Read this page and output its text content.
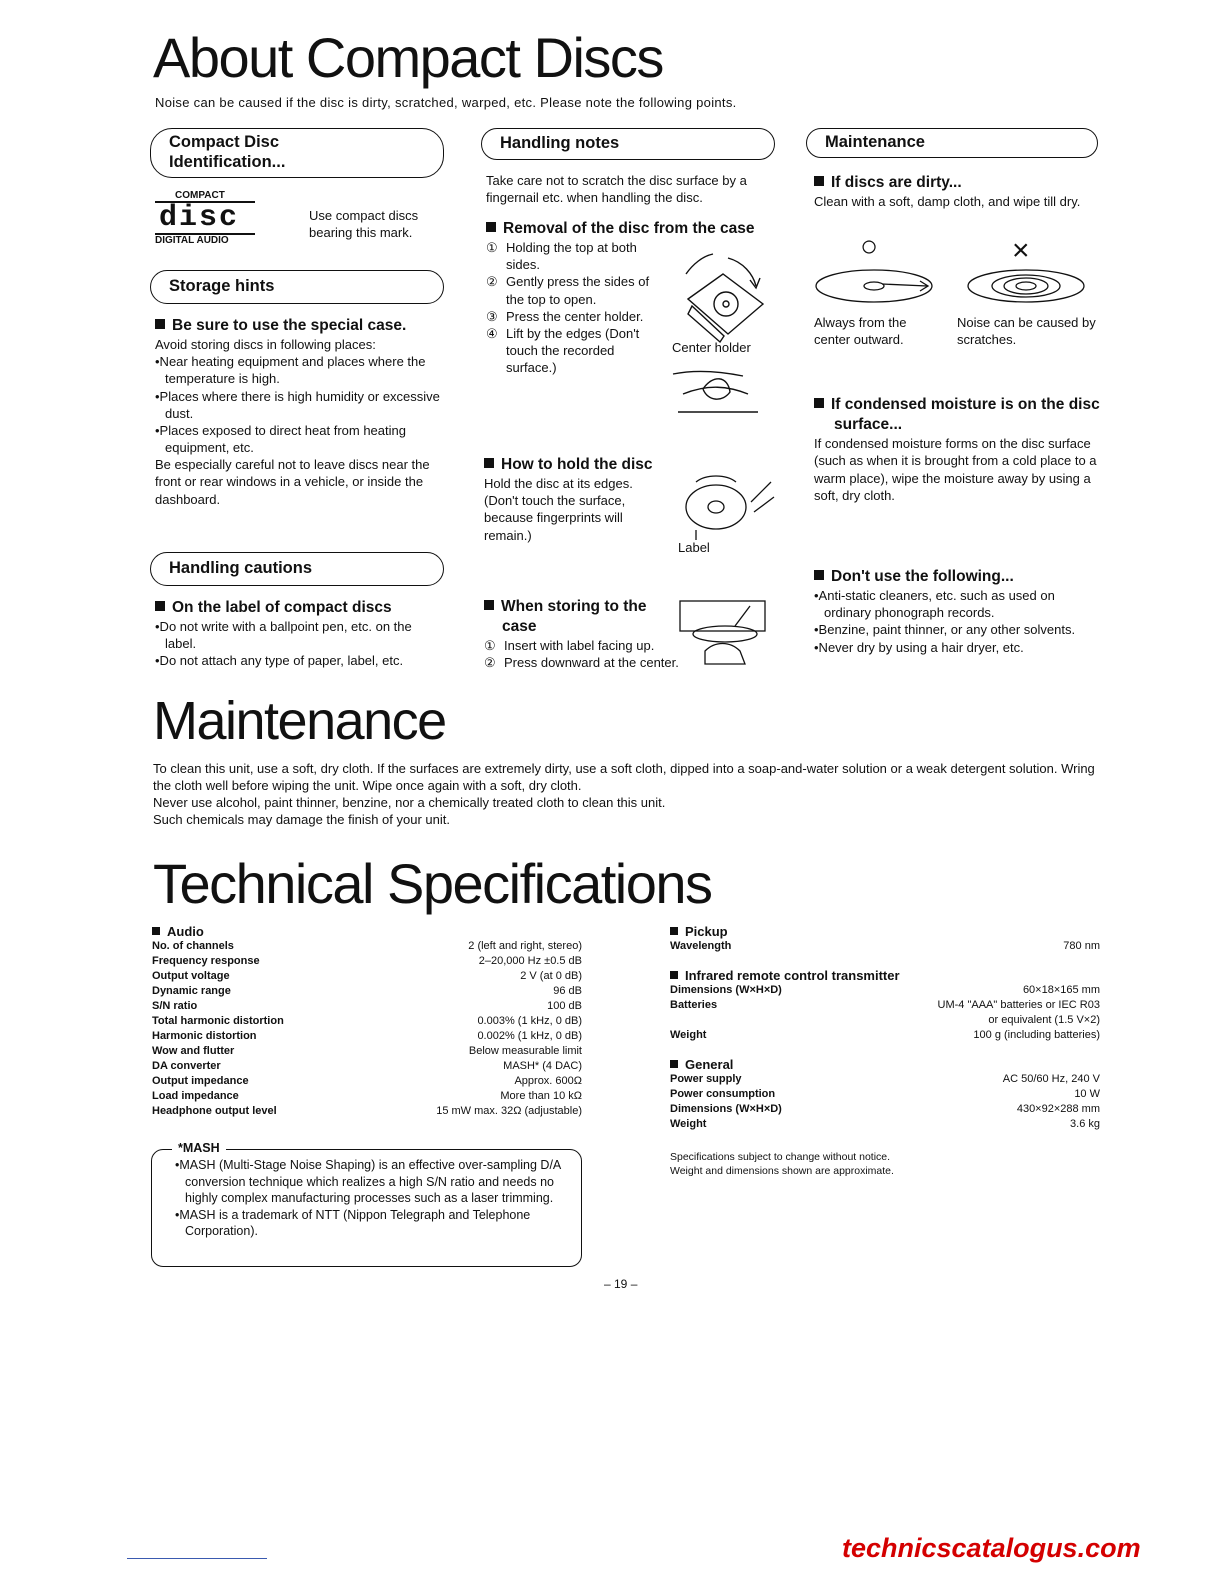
About Compact Discs
Noise can be caused if the disc is dirty, scratched, warped, etc. Please note the following points.
Compact Disc Identification...
COMPACT
disc
DIGITAL AUDIO
Use compact discs bearing this mark.
Storage hints
Be sure to use the special case.

Avoid storing discs in following places:

•Near heating equipment and places where the temperature is high.

•Places where there is high humidity or excessive dust.

•Places exposed to direct heat from heating equipment, etc.

Be especially careful not to leave discs near the front or rear windows in a vehicle, or inside the dashboard.

Handling cautions
On the label of compact discs

•Do not write with a ballpoint pen, etc. on the label.

•Do not attach any type of paper, label, etc.

Handling notes
Take care not to scratch the disc surface by a fingernail etc. when handling the disc.
Removal of the disc from the case
① Holding the top at both sides.
② Gently press the sides of the top to open.
③ Press the center holder.
④ Lift by the edges (Don't touch the recorded surface.)
Center holder
How to hold the disc
Hold the disc at its edges. (Don't touch the surface, because fingerprints will remain.)
Label
When storing to the case
① Insert with label facing up.
② Press downward at the center.
Maintenance
If discs are dirty...
Clean with a soft, damp cloth, and wipe till dry.
○	×
Always from the center outward.
Noise can be caused by scratches.
If condensed moisture is on the disc surface...
If condensed moisture forms on the disc surface (such as when it is brought from a cold place to a warm place), wipe the moisture away by using a soft, dry cloth.
Don't use the following...

•Anti-static cleaners, etc. such as used on ordinary phonograph records.

•Benzine, paint thinner, or any other solvents.

•Never dry by using a hair dryer, etc.

Maintenance

To clean this unit, use a soft, dry cloth. If the surfaces are extremely dirty, use a soft cloth, dipped into a soap-and-water solution or a weak detergent solution. Wring the cloth well before wiping the unit. Wipe once again with a soft, dry cloth.

Never use alcohol, paint thinner, benzine, nor a chemically treated cloth to clean this unit.

Such chemicals may damage the finish of your unit.

Technical Specifications

Audio

No. of channels	2 (left and right, stereo)
Frequency response	2–20,000 Hz ±0.5 dB
Output voltage	2 V (at 0 dB)
Dynamic range	96 dB
S/N ratio	100 dB
Total harmonic distortion	0.003% (1 kHz, 0 dB)
Harmonic distortion	0.002% (1 kHz, 0 dB)
Wow and flutter	Below measurable limit
DA converter	MASH* (4 DAC)
Output impedance	Approx. 600Ω
Load impedance	More than 10 kΩ
Headphone output level	15 mW max. 32Ω (adjustable)

Pickup

Wavelength	780 nm

Infrared remote control transmitter

Dimensions (W×H×D)	60×18×165 mm
Batteries	UM-4 "AAA" batteries or IEC R03
or equivalent (1.5 V×2)
Weight	100 g (including batteries)

General

Power supply	AC 50/60 Hz, 240 V
Power consumption	10 W
Dimensions (W×H×D)	430×92×288 mm
Weight	3.6 kg
Specifications subject to change without notice.
Weight and dimensions shown are approximate.
*MASH

•MASH (Multi-Stage Noise Shaping) is an effective over-sampling D/A conversion technique which realizes a high S/N ratio and needs no highly complex manufacturing processes such as a laser trimming.

•MASH is a trademark of NTT (Nippon Telegraph and Telephone Corporation).

– 19 –
technicscatalogus.com
